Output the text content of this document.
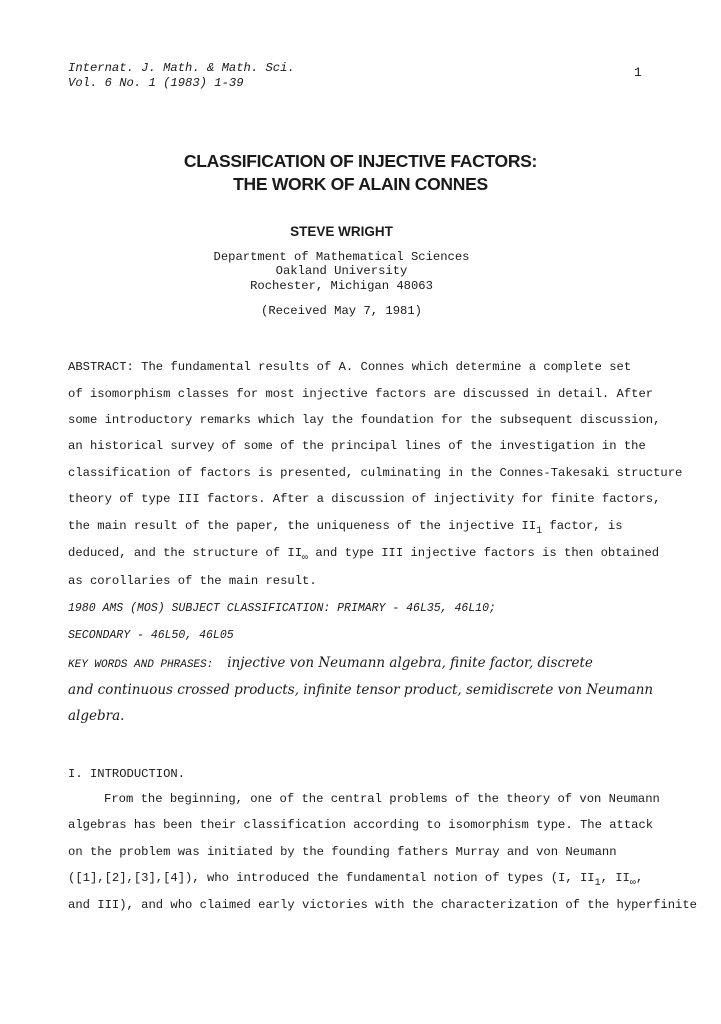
Internat. J. Math. & Math. Sci.
Vol. 6 No. 1 (1983) 1-39
1
CLASSIFICATION OF INJECTIVE FACTORS:
THE WORK OF ALAIN CONNES
STEVE WRIGHT
Department of Mathematical Sciences
Oakland University
Rochester, Michigan 48063
(Received May 7, 1981)
ABSTRACT: The fundamental results of A. Connes which determine a complete set
of isomorphism classes for most injective factors are discussed in detail. After
some introductory remarks which lay the foundation for the subsequent discussion,
an historical survey of some of the principal lines of the investigation in the
classification of factors is presented, culminating in the Connes-Takesaki structure
theory of type III factors. After a discussion of injectivity for finite factors,
the main result of the paper, the uniqueness of the injective $II_1$ factor, is
deduced, and the structure of $II_\infty$ and type III injective factors is then obtained
as corollaries of the main result.
1980 AMS (MOS) SUBJECT CLASSIFICATION: PRIMARY - 46L35, 46L10;
SECONDARY - 46L50, 46L05
KEY WORDS AND PHRASES: injective von Neumann algebra, finite factor, discrete
and continuous crossed products, infinite tensor product, semidiscrete von Neumann
algebra.
I. INTRODUCTION.
From the beginning, one of the central problems of the theory of von Neumann
algebras has been their classification according to isomorphism type. The attack
on the problem was initiated by the founding fathers Murray and von Neumann
([1],[2],[3],[4]), who introduced the fundamental notion of types (I, $II_1$, $II_\infty$,
and III), and who claimed early victories with the characterization of the hyperfinite
